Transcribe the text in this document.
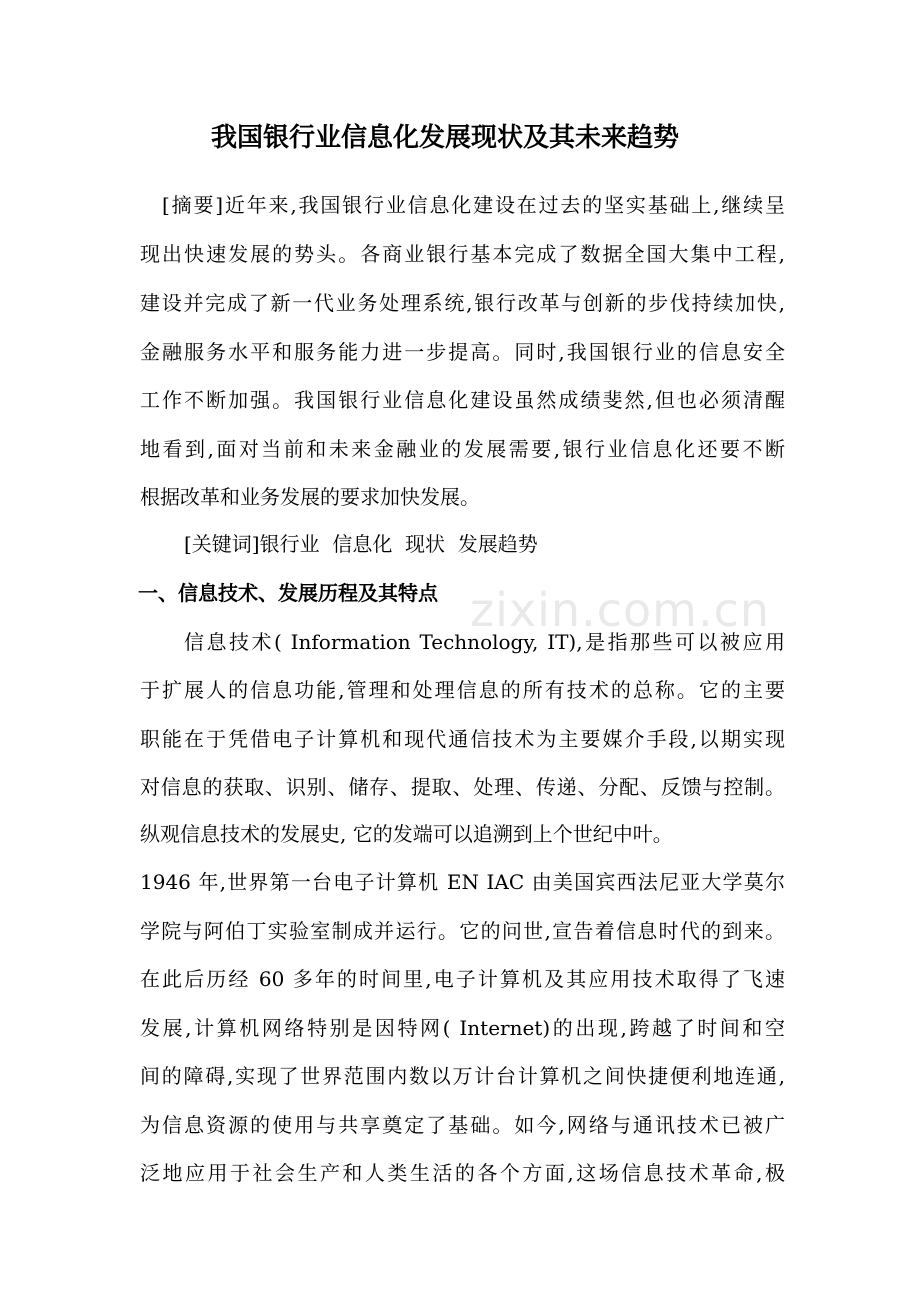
zixin.com.cn
我国银行业信息化发展现状及其未来趋势
[摘要]近年来,我国银行业信息化建设在过去的坚实基础上,继续呈
现出快速发展的势头。各商业银行基本完成了数据全国大集中工程,
建设并完成了新一代业务处理系统,银行改革与创新的步伐持续加快,
金融服务水平和服务能力进一步提高。同时,我国银行业的信息安全
工作不断加强。我国银行业信息化建设虽然成绩斐然,但也必须清醒
地看到,面对当前和未来金融业的发展需要,银行业信息化还要不断
根据改革和业务发展的要求加快发展。
[关键词]银行业  信息化  现状  发展趋势
一、信息技术、发展历程及其特点
信息技术( Information Technology, IT),是指那些可以被应用
于扩展人的信息功能,管理和处理信息的所有技术的总称。它的主要
职能在于凭借电子计算机和现代通信技术为主要媒介手段,以期实现
对信息的获取、识别、储存、提取、处理、传递、分配、反馈与控制。
纵观信息技术的发展史, 它的发端可以追溯到上个世纪中叶。
1946 年,世界第一台电子计算机 EN IAC 由美国宾西法尼亚大学莫尔
学院与阿伯丁实验室制成并运行。它的问世,宣告着信息时代的到来。
在此后历经 60 多年的时间里,电子计算机及其应用技术取得了飞速
发展,计算机网络特别是因特网( Internet)的出现,跨越了时间和空
间的障碍,实现了世界范围内数以万计台计算机之间快捷便利地连通,
为信息资源的使用与共享奠定了基础。如今,网络与通讯技术已被广
泛地应用于社会生产和人类生活的各个方面,这场信息技术革命,极
